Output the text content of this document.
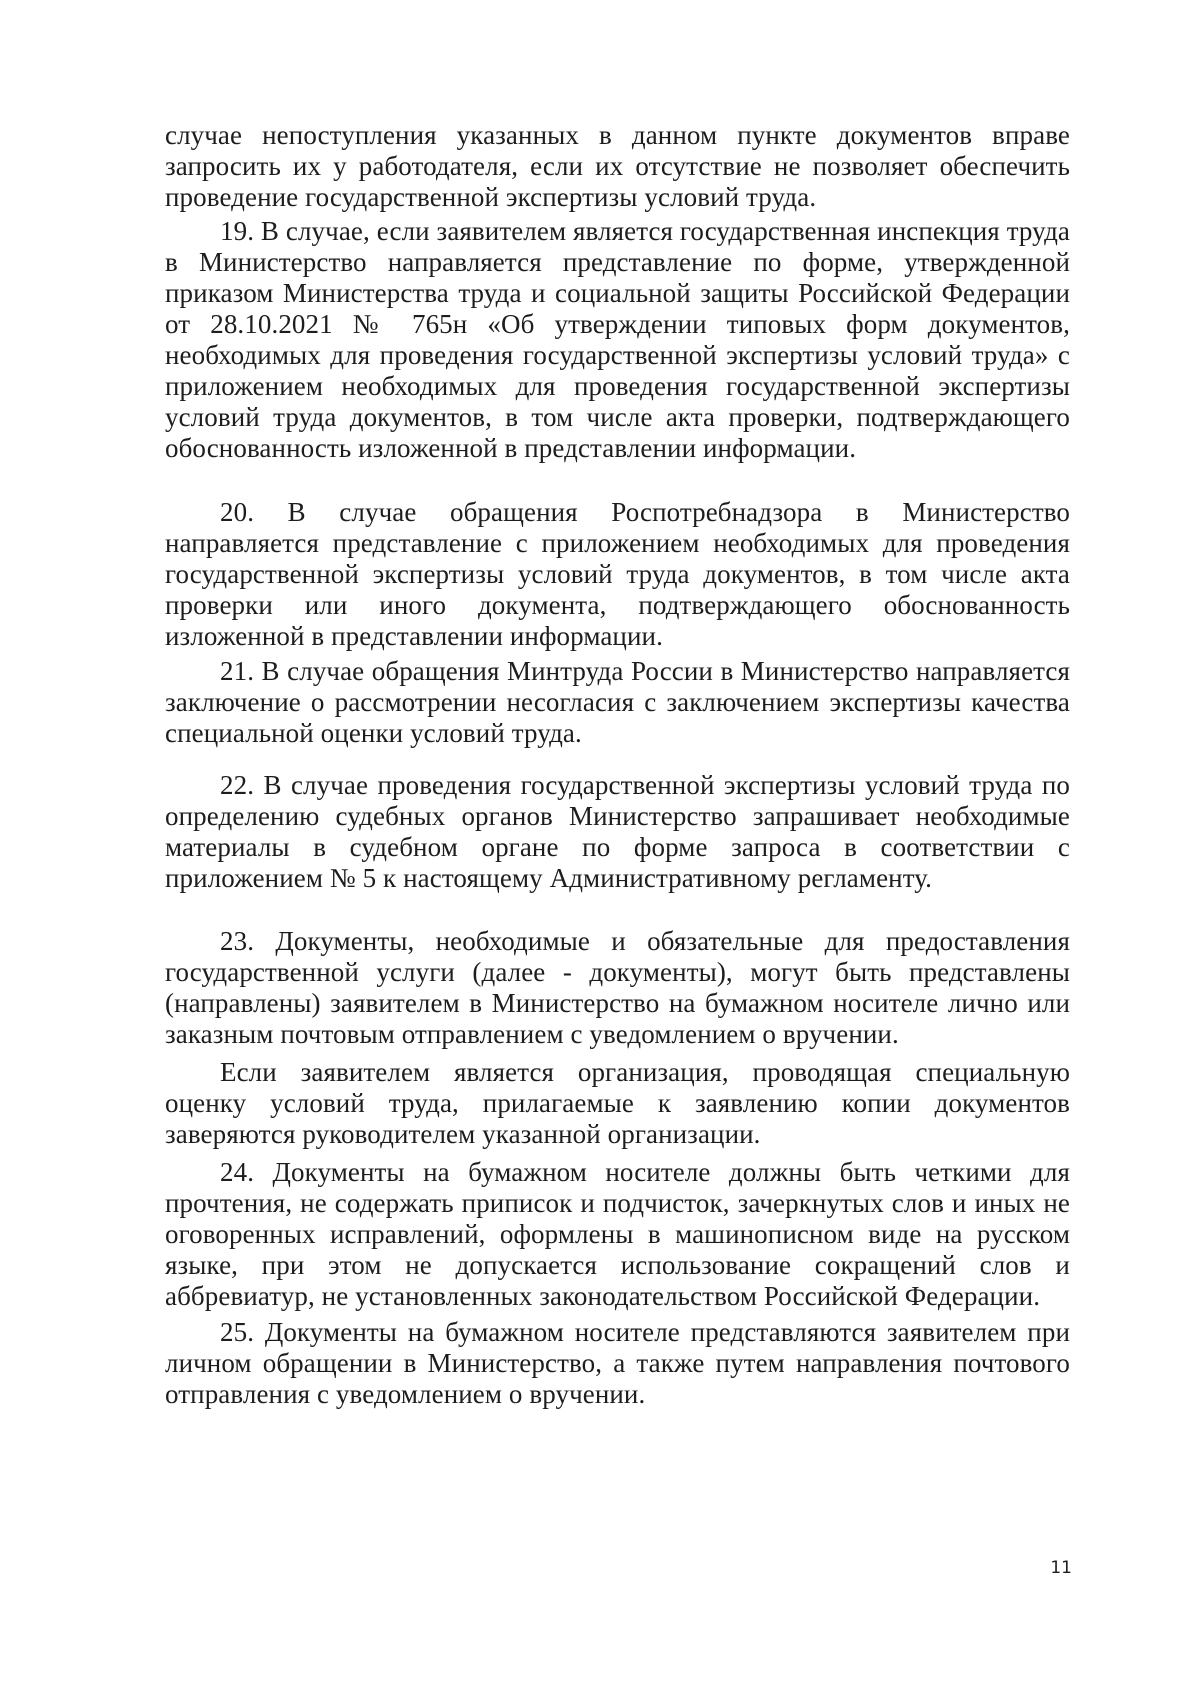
случае непоступления указанных в данном пункте документов вправе запросить их у работодателя, если их отсутствие не позволяет обеспечить проведение государственной экспертизы условий труда.

19. В случае, если заявителем является государственная инспекция труда в Министерство направляется представление по форме, утвержденной приказом Министерства труда и социальной защиты Российской Федерации от 28.10.2021 № 765н «Об утверждении типовых форм документов, необходимых для проведения государственной экспертизы условий труда» с приложением необходимых для проведения государственной экспертизы условий труда документов, в том числе акта проверки, подтверждающего обоснованность изложенной в представлении информации.

20. В случае обращения Роспотребнадзора в Министерство направляется представление с приложением необходимых для проведения государственной экспертизы условий труда документов, в том числе акта проверки или иного документа, подтверждающего обоснованность изложенной в представлении информации.

21. В случае обращения Минтруда России в Министерство направляется заключение о рассмотрении несогласия с заключением экспертизы качества специальной оценки условий труда.

22. В случае проведения государственной экспертизы условий труда по определению судебных органов Министерство запрашивает необходимые материалы в судебном органе по форме запроса в соответствии с приложением № 5 к настоящему Административному регламенту.

23. Документы, необходимые и обязательные для предоставления государственной услуги (далее - документы), могут быть представлены (направлены) заявителем в Министерство на бумажном носителе лично или заказным почтовым отправлением с уведомлением о вручении.

Если заявителем является организация, проводящая специальную оценку условий труда, прилагаемые к заявлению копии документов заверяются руководителем указанной организации.

24. Документы на бумажном носителе должны быть четкими для прочтения, не содержать приписок и подчисток, зачеркнутых слов и иных не оговоренных исправлений, оформлены в машинописном виде на русском языке, при этом не допускается использование сокращений слов и аббревиатур, не установленных законодательством Российской Федерации.

25. Документы на бумажном носителе представляются заявителем при личном обращении в Министерство, а также путем направления почтового отправления с уведомлением о вручении.

11
